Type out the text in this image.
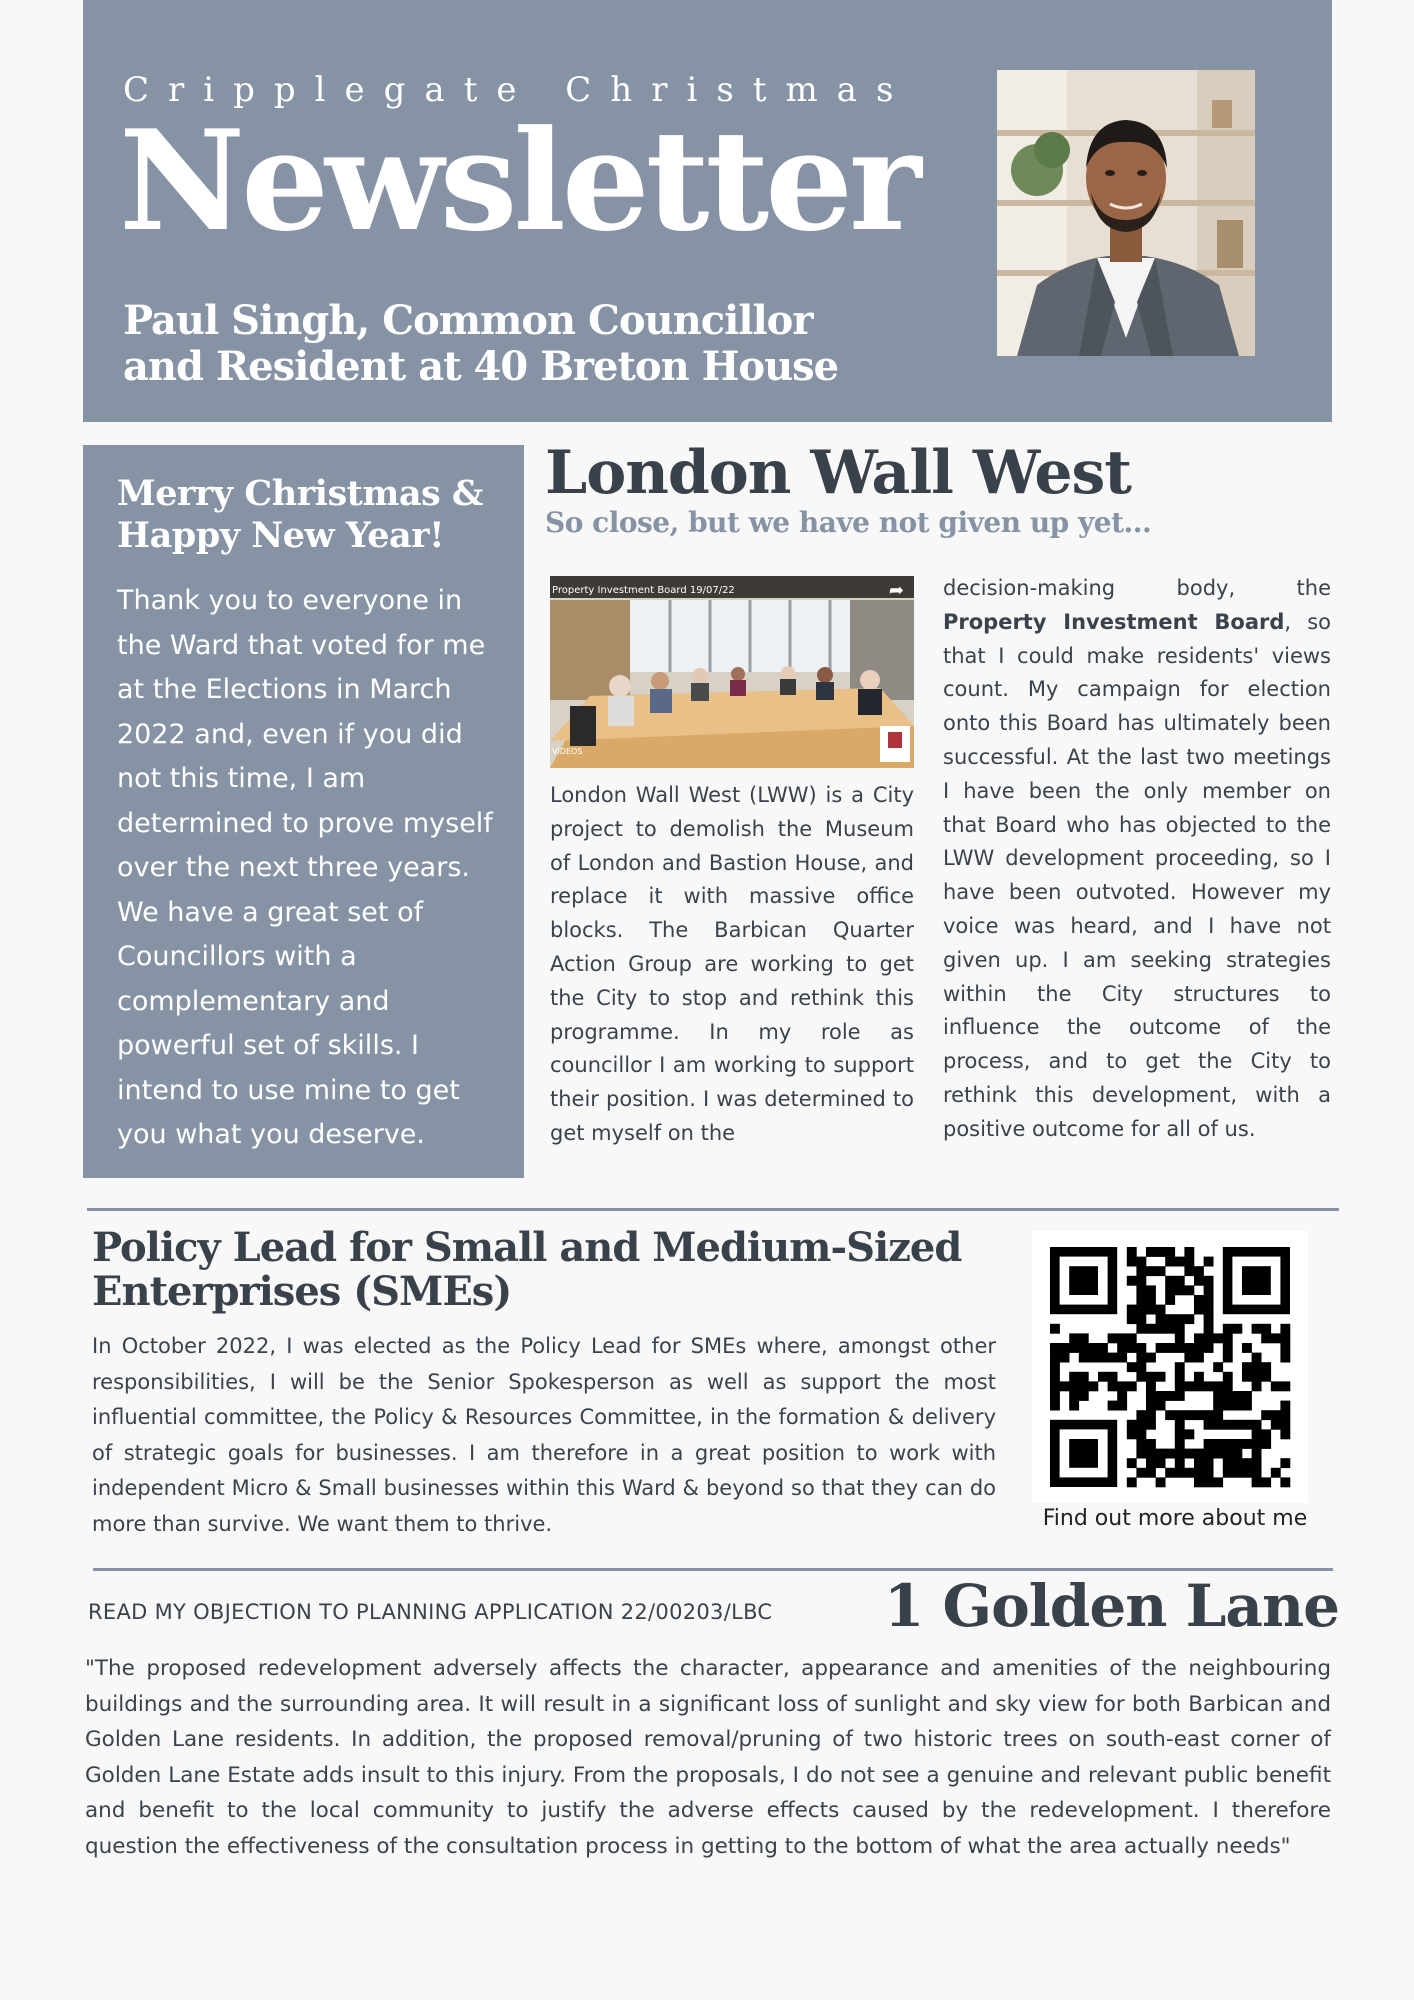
Cripplegate Christmas
Newsletter
Paul Singh, Common Councillor and Resident at 40 Breton House
Merry Christmas & Happy New Year!

Thank you to everyone in the Ward that voted for me at the Elections in March 2022 and, even if you did not this time, I am determined to prove myself over the next three years. We have a great set of Councillors with a complementary and powerful set of skills. I intend to use mine to get you what you deserve.

London Wall West
So close, but we have not given up yet...
Property Investment Board 19/07/22	➦
VIDEOS
London Wall West (LWW) is a City project to demolish the Museum of London and Bastion House, and replace it with massive office blocks. The Barbican Quarter Action Group are working to get the City to stop and rethink this programme. In my role as councillor I am working to support their position. I was determined to get myself on the
decision-making body, the Property Investment Board, so that I could make residents' views count. My campaign for election onto this Board has ultimately been successful. At the last two meetings I have been the only member on that Board who has objected to the LWW development proceeding, so I have been outvoted. However my voice was heard, and I have not given up. I am seeking strategies within the City structures to influence the outcome of the process, and to get the City to rethink this development, with a positive outcome for all of us.
Policy Lead for Small and Medium-Sized Enterprises (SMEs)
In October 2022, I was elected as the Policy Lead for SMEs where, amongst other responsibilities, I will be the Senior Spokesperson as well as support the most influential committee, the Policy & Resources Committee, in the formation & delivery of strategic goals for businesses. I am therefore in a great position to work with independent Micro & Small businesses within this Ward & beyond so that they can do more than survive. We want them to thrive.	Find out more about me
READ MY OBJECTION TO PLANNING APPLICATION 22/00203/LBC 1 Golden Lane
"The proposed redevelopment adversely affects the character, appearance and amenities of the neighbouring buildings and the surrounding area. It will result in a significant loss of sunlight and sky view for both Barbican and Golden Lane residents. In addition, the proposed removal/pruning of two historic trees on south-east corner of Golden Lane Estate adds insult to this injury. From the proposals, I do not see a genuine and relevant public benefit and benefit to the local community to justify the adverse effects caused by the redevelopment. I therefore question the effectiveness of the consultation process in getting to the bottom of what the area actually needs"
